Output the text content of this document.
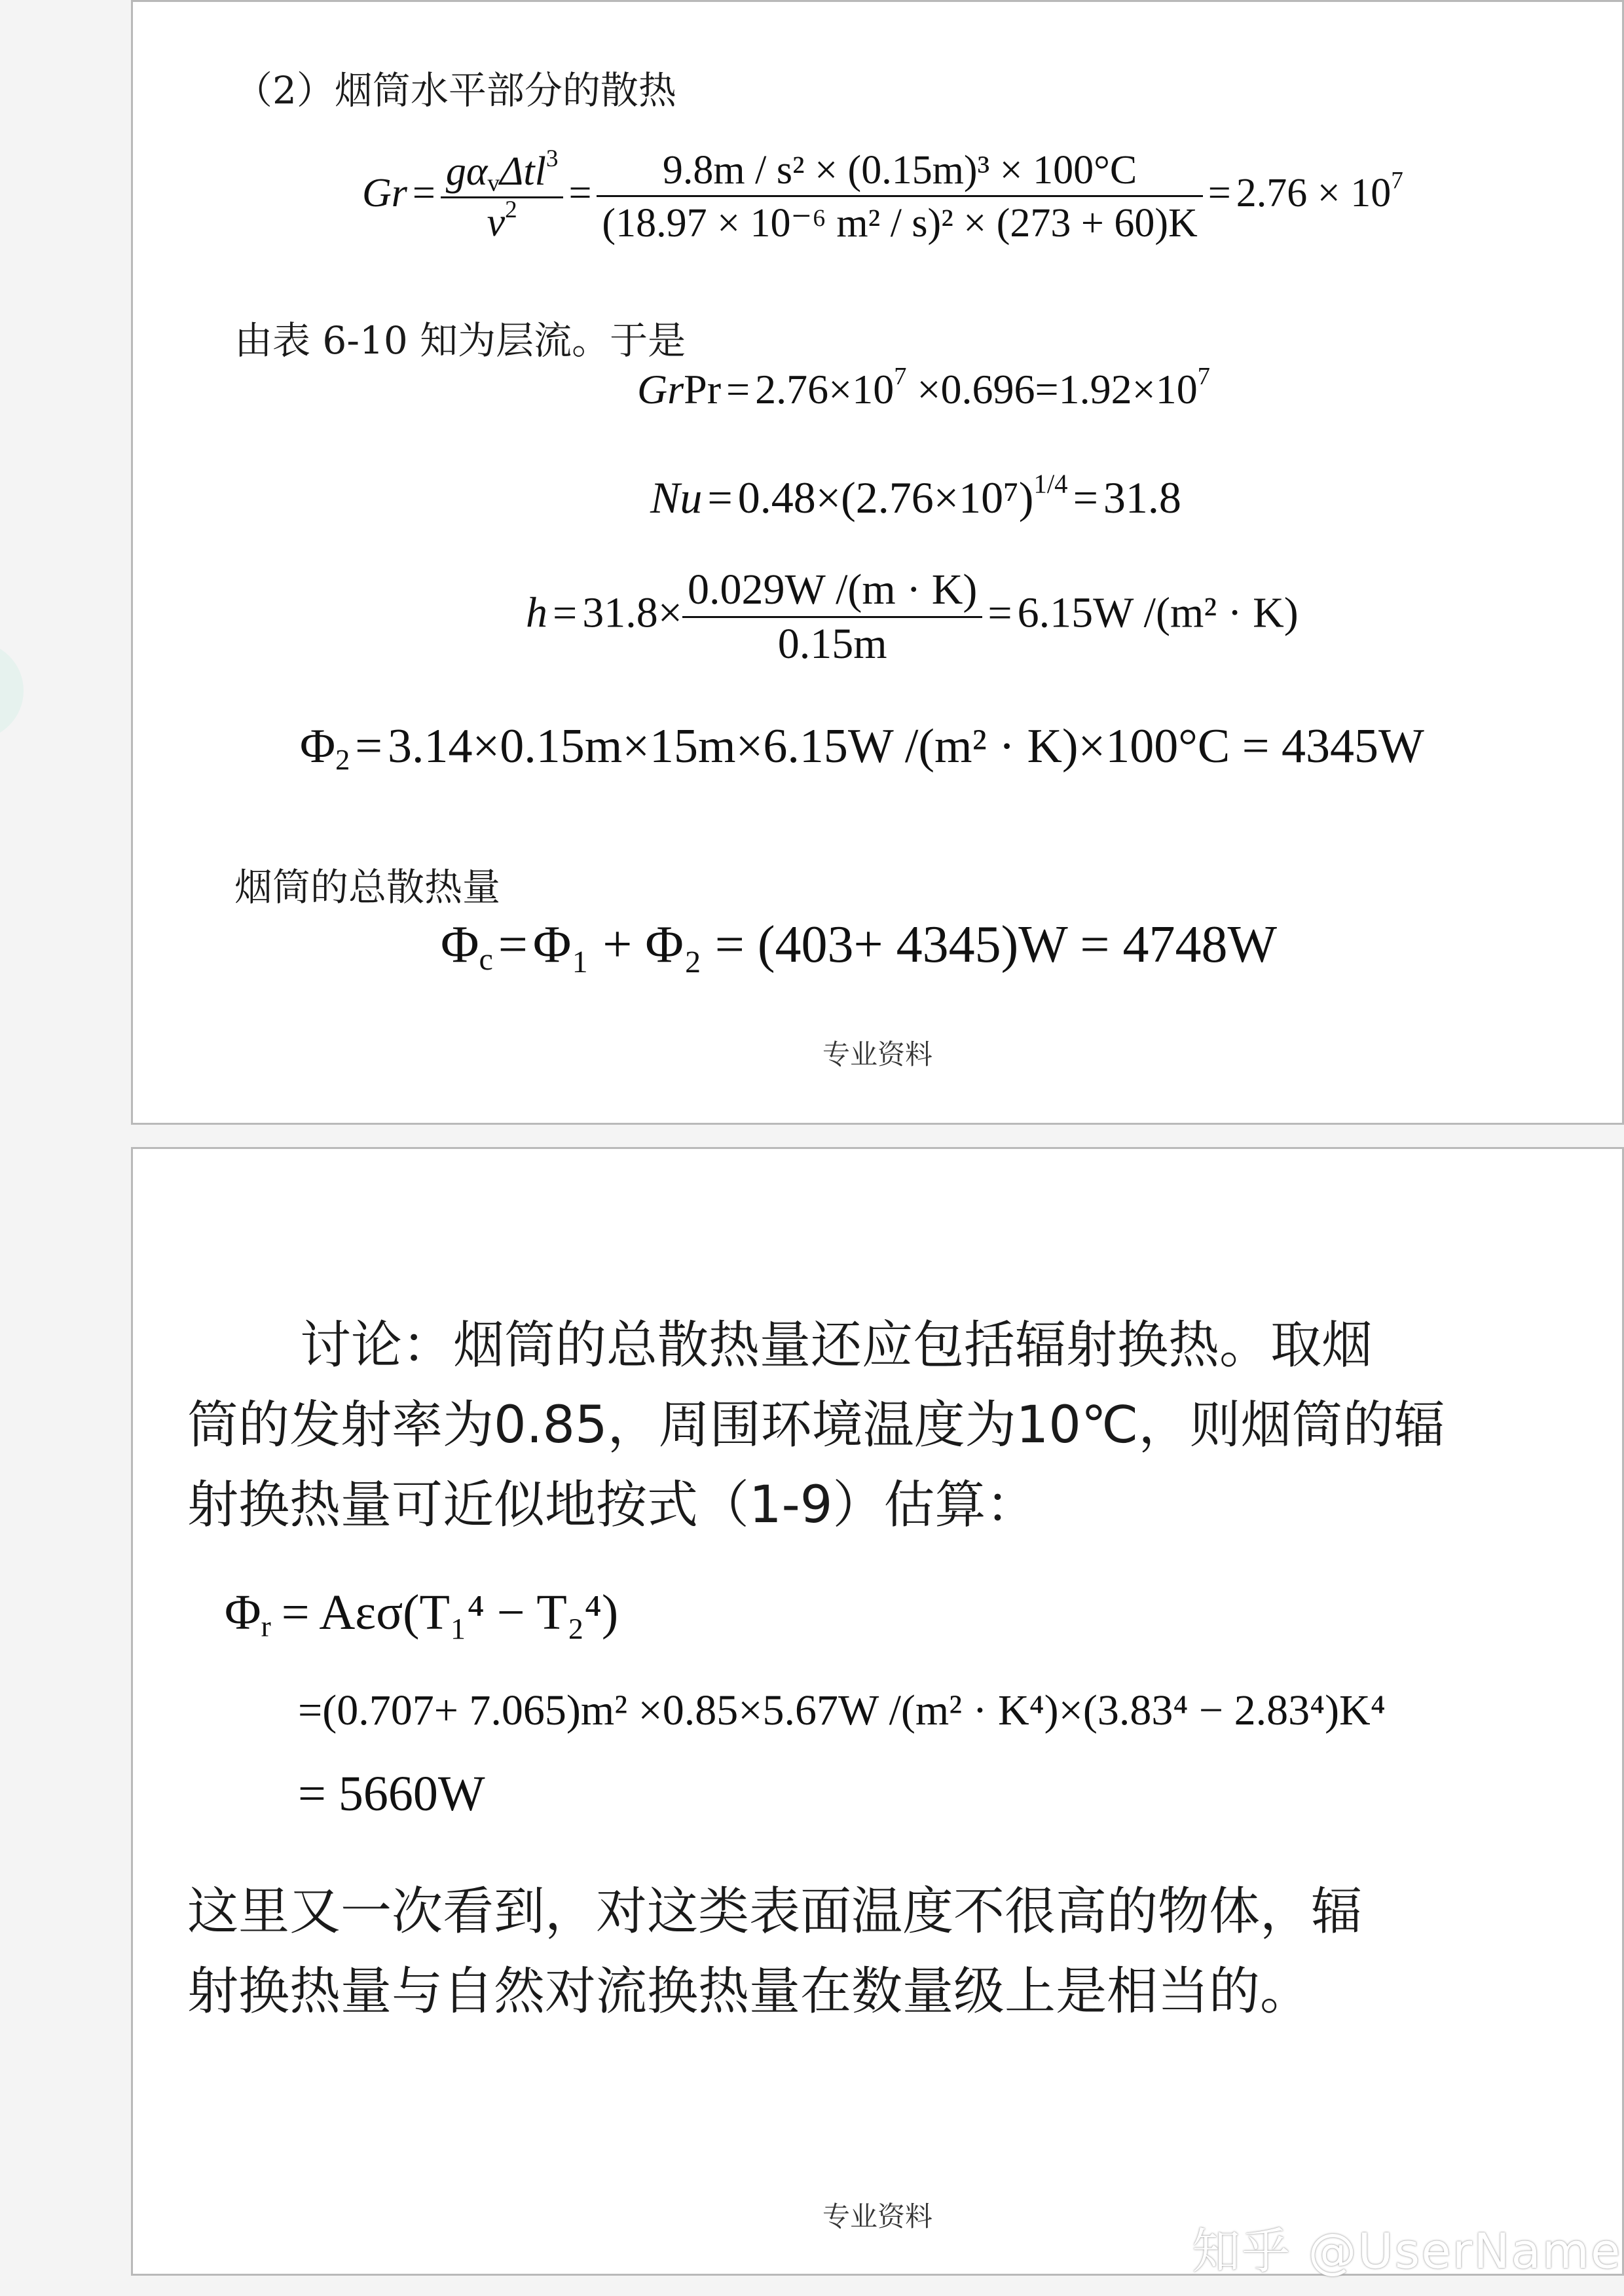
（2）烟筒水平部分的散热
$Gr = \frac{g\alpha_v\Delta tl^3}{v^2} = \frac{\text{9.8m / s² × (0.15m)³ × 100°C}}{\text{(18.97 × 10⁻⁶ m² / s)² × (273 + 60)K}} = 2.76 \times 10^7$
由表 6-10 知为层流。于是
GrPr = $2.76\times 10^7 \times 0.696=1.92\times 10^7$
$Nu = 0.48\times(2.76\times 10^7)^{1/4} = 31.8$
$h = 31.8\times \frac{0.029W /(m \cdot K)}{0.15m} = 6.15W$ /(m² · K)
$\Phi_2 = 3.14\times 0.15m\times 15m\times 6.15W$ /(m² · K)×100°C = 4345W
烟筒的总散热量
$\Phi_c = \Phi_1 + \Phi_2 = (403+ 4345)W = 4748W$
专业资料
讨论：烟筒的总散热量还应包括辐射换热。取烟
筒的发射率为0.85，周围环境温度为10℃，则烟筒的辐
射换热量可近似地按式（1-9）估算：
$\Phi_r = A\varepsilon\sigma(T_1^4 - T_2^4)$
=(0.707+ 7.065)m² ×0.85×5.67W /(m² · K⁴)×(3.83⁴ − 2.83⁴)K⁴
= 5660W
这里又一次看到，对这类表面温度不很高的物体，辐
射换热量与自然对流换热量在数量级上是相当的。
专业资料
知乎 @UserName
